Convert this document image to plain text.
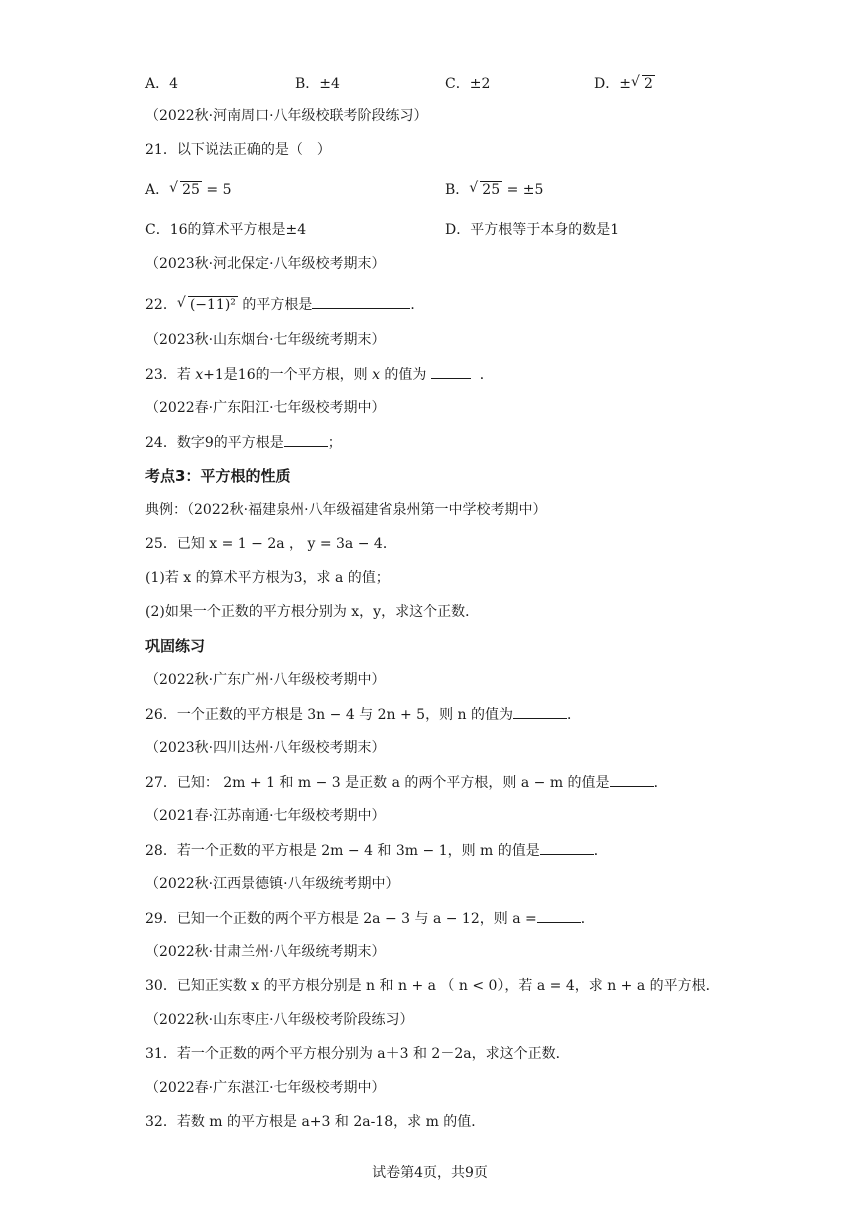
A．4	B．±4	C．±2	D．± √ 2
（2022秋·河南周口·八年级校联考阶段练习）
21．以下说法正确的是（　）
A． √ 25 = 5	B． √ 25 = ±5
C．16的算术平方根是±4	D．平方根等于本身的数是1
（2023秋·河北保定·八年级校考期末）
22． √ (−11)² 的平方根是	．
（2023秋·山东烟台·七年级统考期末）
23．若 x+1是16的一个平方根，则 x 的值为	．
（2022春·广东阳江·七年级校考期中）
24．数字9的平方根是	；
考点3：平方根的性质
典例：（2022秋·福建泉州·八年级福建省泉州第一中学校考期中）
25．已知 x = 1 − 2a ， y = 3a − 4．
(1)若 x 的算术平方根为3，求 a 的值；
(2)如果一个正数的平方根分别为 x，y，求这个正数．
巩固练习
（2022秋·广东广州·八年级校考期中）
26．一个正数的平方根是 3n − 4 与 2n + 5，则 n 的值为	．
（2023秋·四川达州·八年级校考期末）
27．已知： 2m + 1 和 m − 3 是正数 a 的两个平方根，则 a − m 的值是	．
（2021春·江苏南通·七年级校考期中）
28．若一个正数的平方根是 2m − 4 和 3m − 1，则 m 的值是	．
（2022秋·江西景德镇·八年级统考期中）
29．已知一个正数的两个平方根是 2a − 3 与 a − 12，则 a =	．
（2022秋·甘肃兰州·八年级统考期末）
30．已知正实数 x 的平方根分别是 n 和 n + a （ n < 0），若 a = 4，求 n + a 的平方根．
（2022秋·山东枣庄·八年级校考阶段练习）
31．若一个正数的两个平方根分别为 a＋3 和 2－2a，求这个正数．
（2022春·广东湛江·七年级校考期中）
32．若数 m 的平方根是 a+3 和 2a-18，求 m 的值．
试卷第4页，共9页
